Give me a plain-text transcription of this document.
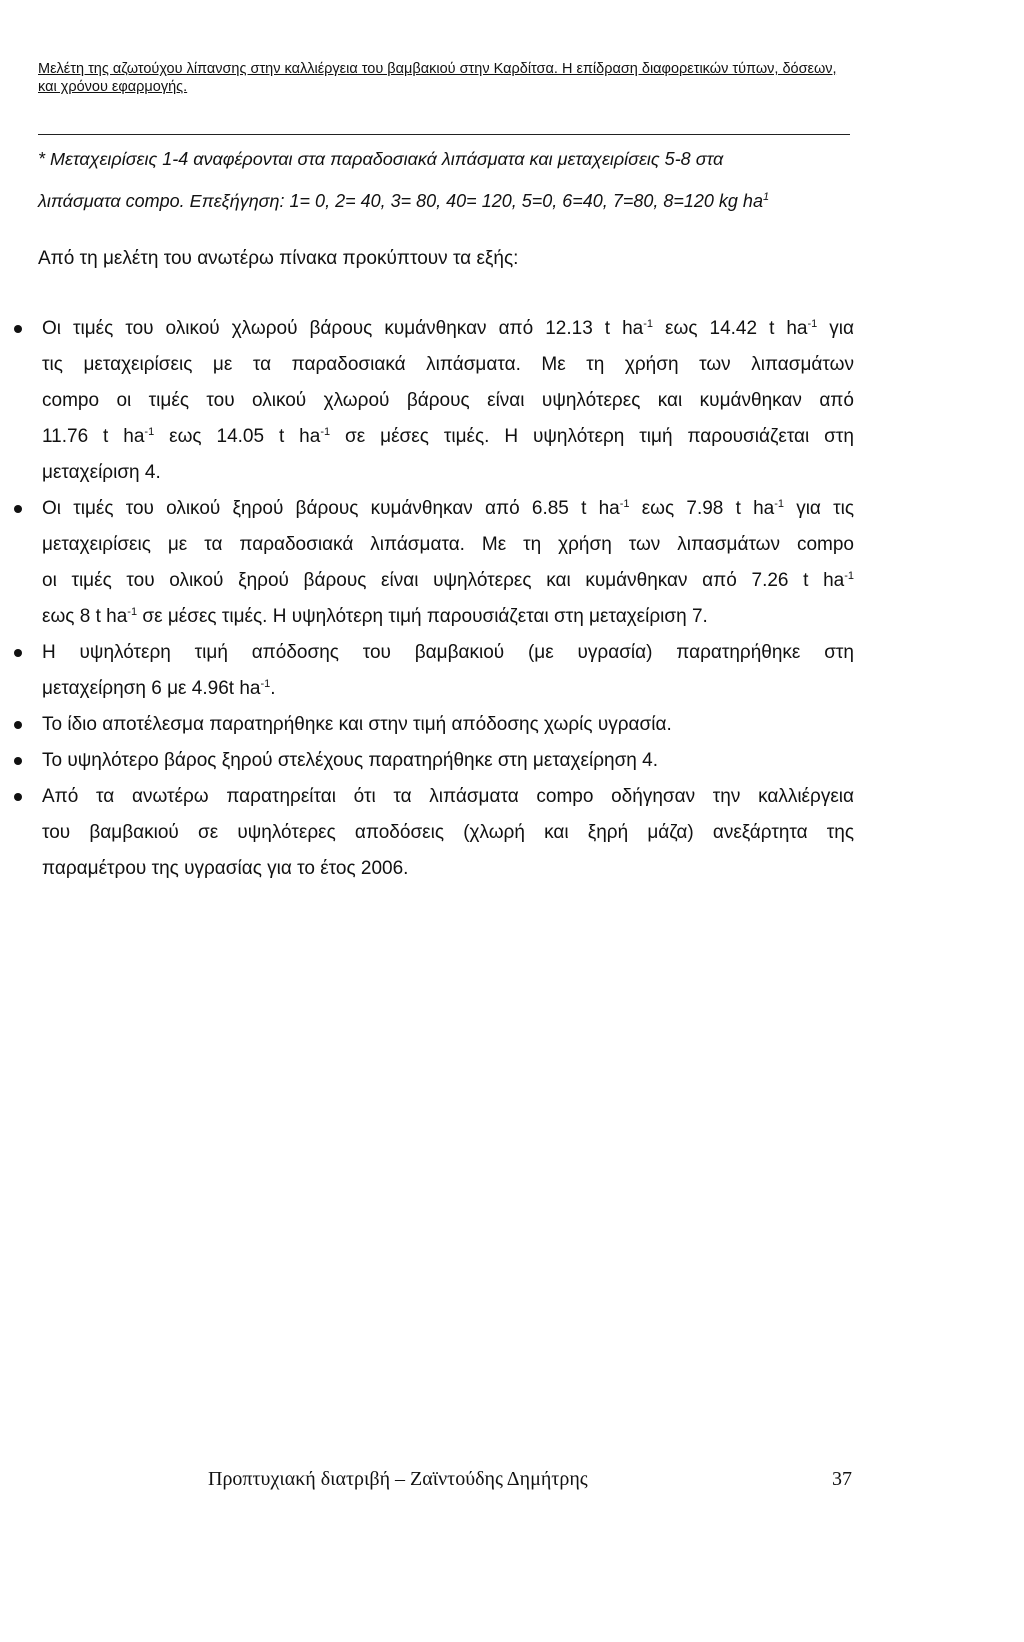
Μελέτη της αζωτούχου λίπανσης στην καλλιέργεια του βαμβακιού στην Καρδίτσα. Η επίδραση διαφορετικών τύπων, δόσεων, και χρόνου εφαρμογής.
* Μεταχειρίσεις 1-4 αναφέρονται στα παραδοσιακά λιπάσματα και μεταχειρίσεις 5-8 στα
λιπάσματα compo. Επεξήγηση: 1= 0, 2= 40, 3= 80, 40= 120, 5=0, 6=40, 7=80, 8=120 kg $ha^1$
Από τη μελέτη του ανωτέρω πίνακα προκύπτουν τα εξής:
Οι τιμές του ολικού χλωρού βάρους κυμάνθηκαν από 12.13 t $ha^{-1}$ εως 14.42 t $ha^{-1}$ για
τις μεταχειρίσεις με τα παραδοσιακά λιπάσματα. Με τη χρήση των λιπασμάτων
compo οι τιμές του ολικού χλωρού βάρους είναι υψηλότερες και κυμάνθηκαν από
11.76 t $ha^{-1}$ εως 14.05 t $ha^{-1}$ σε μέσες τιμές. Η υψηλότερη τιμή παρουσιάζεται στη
μεταχείριση 4.
Οι τιμές του ολικού ξηρού βάρους κυμάνθηκαν από 6.85 t $ha^{-1}$ εως 7.98 t $ha^{-1}$ για τις
μεταχειρίσεις με τα παραδοσιακά λιπάσματα. Με τη χρήση των λιπασμάτων compo
οι τιμές του ολικού ξηρού βάρους είναι υψηλότερες και κυμάνθηκαν από 7.26 t $ha^{-1}$
εως 8 t $ha^{-1}$ σε μέσες τιμές. Η υψηλότερη τιμή παρουσιάζεται στη μεταχείριση 7.
Η υψηλότερη τιμή απόδοσης του βαμβακιού (με υγρασία) παρατηρήθηκε στη
μεταχείρηση 6 με 4.96t $ha^{-1}$.
Το ίδιο αποτέλεσμα παρατηρήθηκε και στην τιμή απόδοσης χωρίς υγρασία.
Το υψηλότερο βάρος ξηρού στελέχους παρατηρήθηκε στη μεταχείρηση 4.
Από τα ανωτέρω παρατηρείται ότι τα λιπάσματα compo οδήγησαν την καλλιέργεια
του βαμβακιού σε υψηλότερες αποδόσεις (χλωρή και ξηρή μάζα) ανεξάρτητα της
παραμέτρου της υγρασίας για το έτος 2006.
Προπτυχιακή διατριβή – Ζαϊντούδης Δημήτρης	37
